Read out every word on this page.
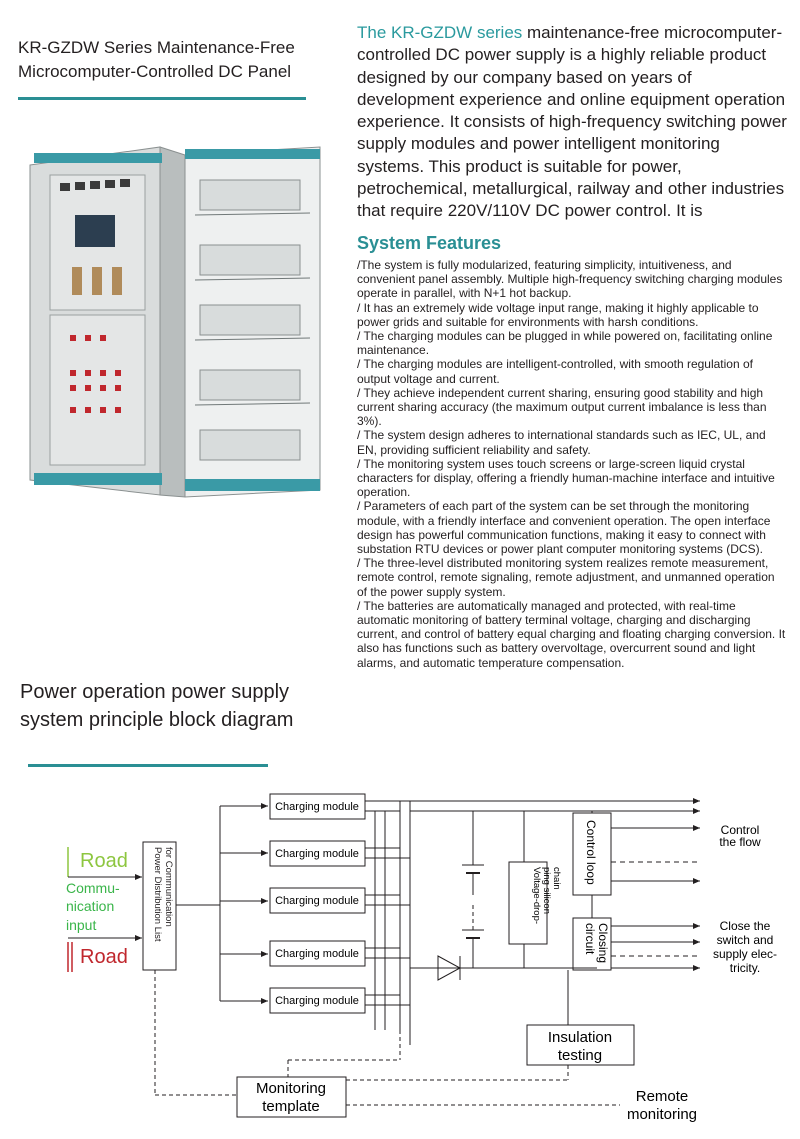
KR-GZDW Series Maintenance-Free Microcomputer-Controlled DC Panel
The KR-GZDW series maintenance-free microcomputer-controlled DC power supply is a highly reliable product designed by our company based on years of development experience and online equipment operation experience. It consists of high-frequency switching power supply modules and power intelligent monitoring systems. This product is suitable for power, petrochemical, metallurgical, railway and other industries that require 220V/110V DC power control. It is
System Features
/The system is fully modularized, featuring simplicity, intuitiveness, and convenient panel assembly. Multiple high-frequency switching charging modules operate in parallel, with N+1 hot backup.
/ It has an extremely wide voltage input range, making it highly applicable to power grids and suitable for environments with harsh conditions.
/ The charging modules can be plugged in while powered on, facilitating online maintenance.
/ The charging modules are intelligent-controlled, with smooth regulation of output voltage and current.
/ They achieve independent current sharing, ensuring good stability and high current sharing accuracy (the maximum output current imbalance is less than 3%).
/ The system design adheres to international standards such as IEC, UL, and EN, providing sufficient reliability and safety.
/ The monitoring system uses touch screens or large-screen liquid crystal characters for display, offering a friendly human-machine interface and intuitive operation.
/ Parameters of each part of the system can be set through the monitoring module, with a friendly interface and convenient operation. The open interface design has powerful communication functions, making it easy to connect with substation RTU devices or power plant computer monitoring systems (DCS).
/ The three-level distributed monitoring system realizes remote measurement, remote control, remote signaling, remote adjustment, and unmanned operation of the power supply system.
/ The batteries are automatically managed and protected, with real-time automatic monitoring of battery terminal voltage, charging and discharging current, and control of battery equal charging and floating charging conversion. It also has functions such as battery overvoltage, overcurrent sound and light alarms, and automatic temperature compensation.
Power operation power supply system principle block diagram
Road
Commu-
nication
input
Road
Power Distribution List for Communication
Charging module
Charging module
Charging module
Charging module
Charging module
Voltage-drop- ping silicon chain Control loop
Closing
circuit
Control
the flow
Close the
switch and
supply elec-
tricity.
Insulation
testing
Monitoring
template
Remote
monitoring
